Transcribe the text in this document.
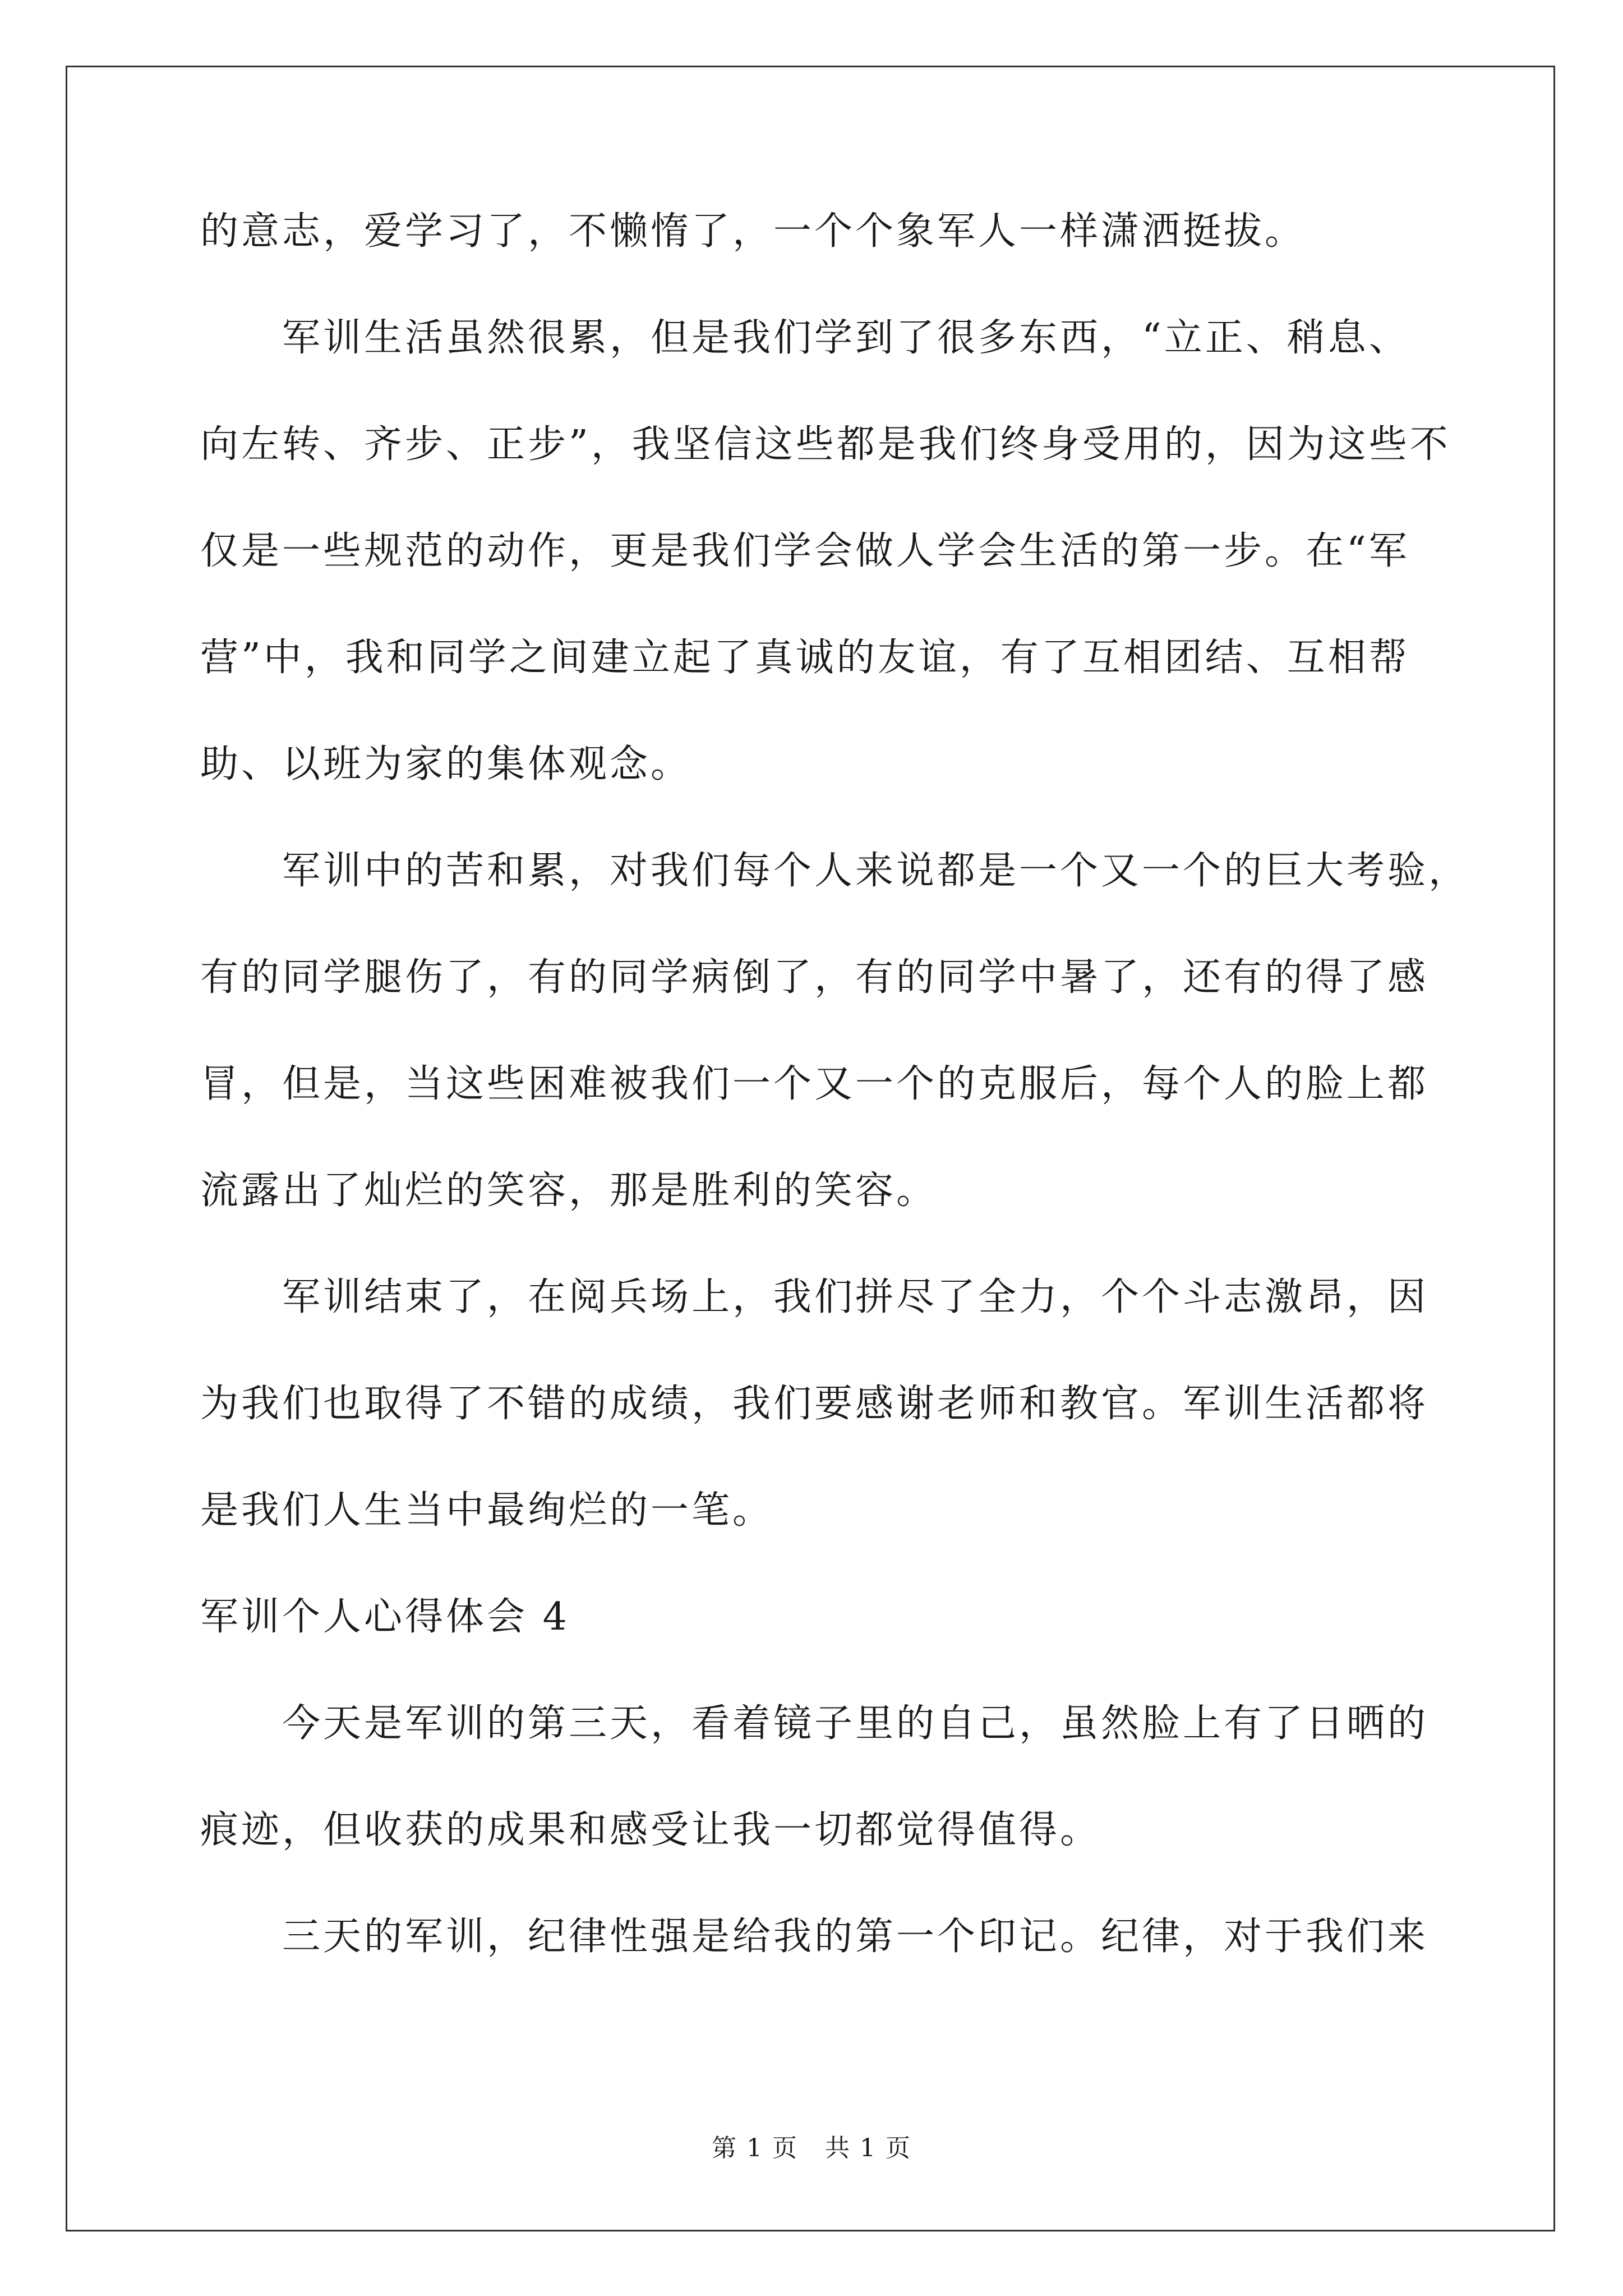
的意志，爱学习了，不懒惰了，一个个象军人一样潇洒挺拔。
军训生活虽然很累，但是我们学到了很多东西，“立正、稍息、
向左转、齐步、正步”，我坚信这些都是我们终身受用的，因为这些不
仅是一些规范的动作，更是我们学会做人学会生活的第一步。在“军
营”中，我和同学之间建立起了真诚的友谊，有了互相团结、互相帮
助、以班为家的集体观念。
军训中的苦和累，对我们每个人来说都是一个又一个的巨大考验，
有的同学腿伤了，有的同学病倒了，有的同学中暑了，还有的得了感
冒，但是，当这些困难被我们一个又一个的克服后，每个人的脸上都
流露出了灿烂的笑容，那是胜利的笑容。
军训结束了，在阅兵场上，我们拼尽了全力，个个斗志激昂，因
为我们也取得了不错的成绩，我们要感谢老师和教官。军训生活都将
是我们人生当中最绚烂的一笔。
军训个人心得体会 4
今天是军训的第三天，看着镜子里的自己，虽然脸上有了日晒的
痕迹，但收获的成果和感受让我一切都觉得值得。
三天的军训，纪律性强是给我的第一个印记。纪律，对于我们来
第 1 页   共 1 页
